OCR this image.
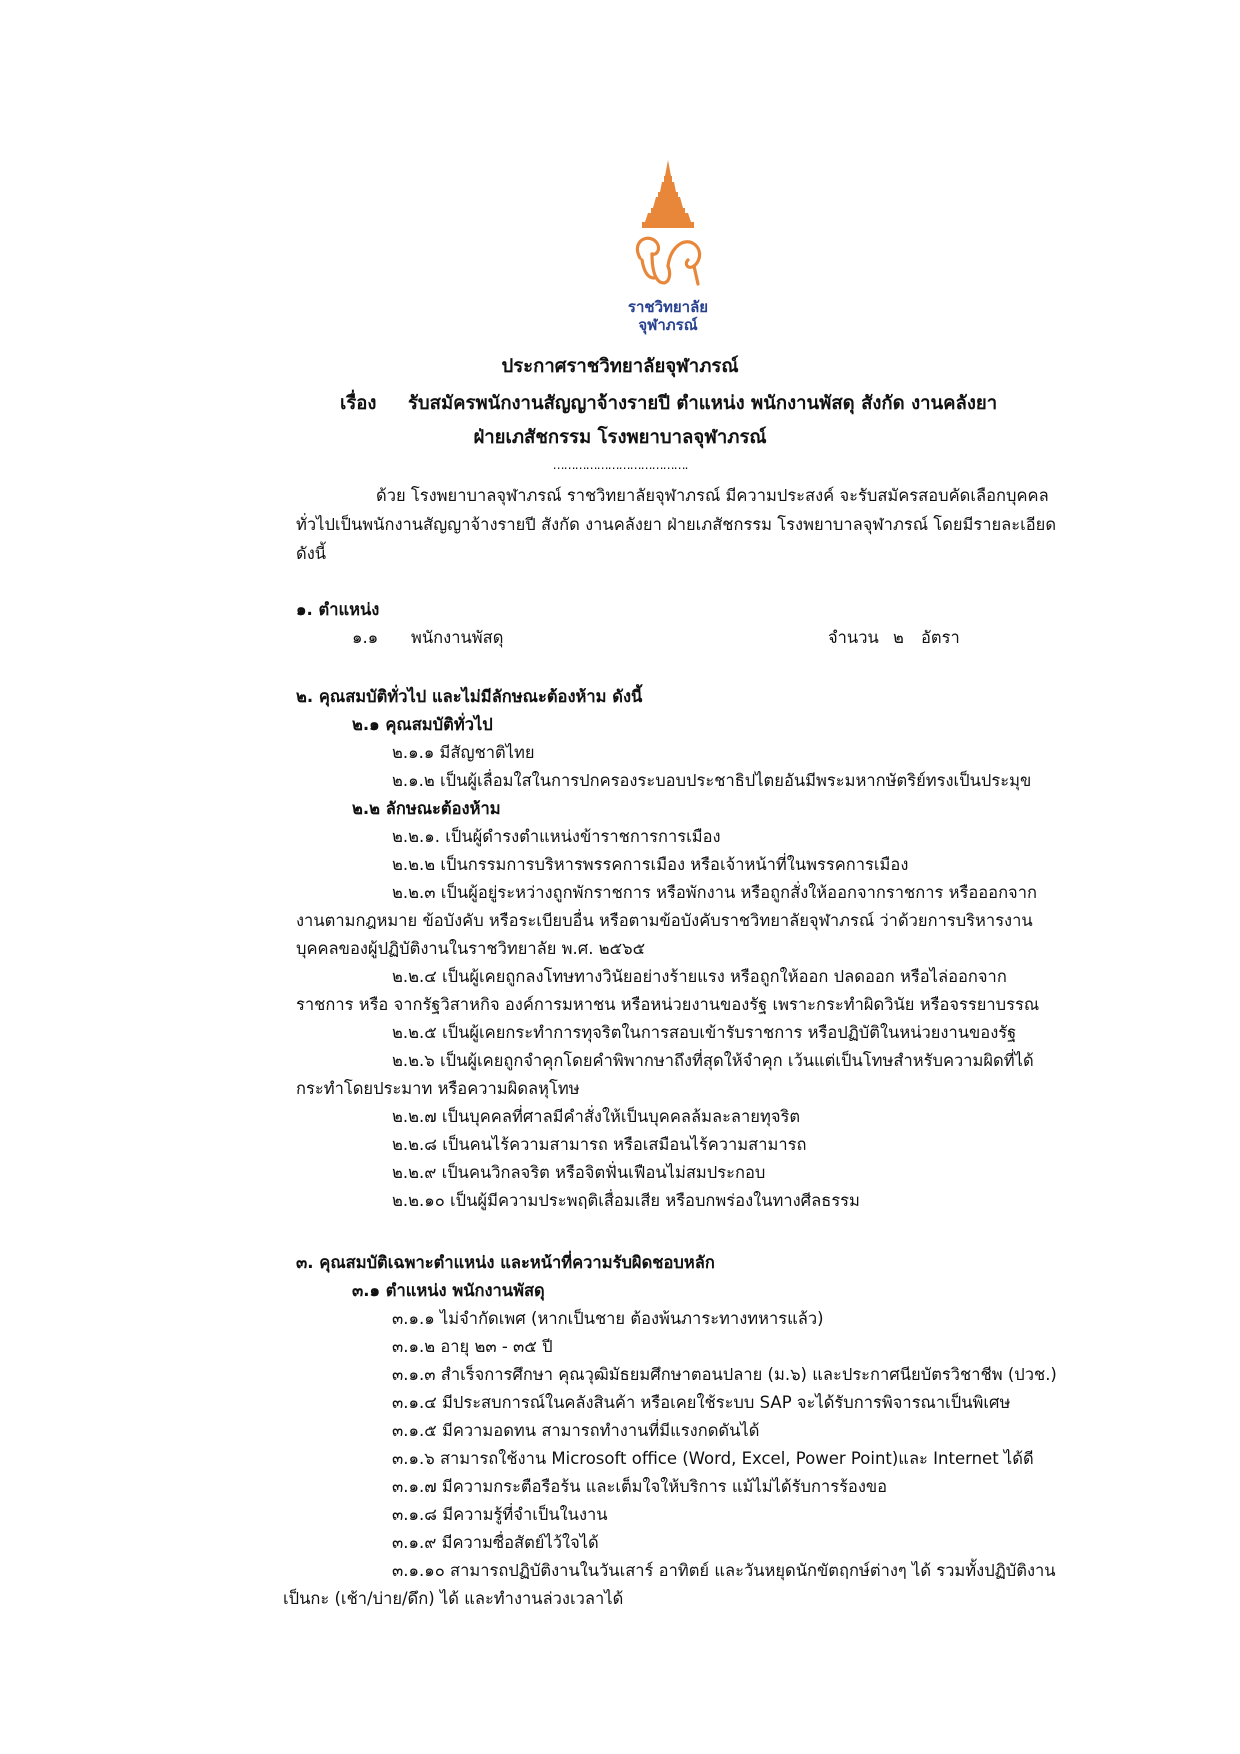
ราชวิทยาลัย
จุฬาภรณ์
ประกาศราชวิทยาลัยจุฬาภรณ์
เรื่อง รับสมัครพนักงานสัญญาจ้างรายปี ตำแหน่ง พนักงานพัสดุ สังกัด งานคลังยา
ฝ่ายเภสัชกรรม โรงพยาบาลจุฬาภรณ์
……………………………….
ด้วย โรงพยาบาลจุฬาภรณ์ ราชวิทยาลัยจุฬาภรณ์ มีความประสงค์ จะรับสมัครสอบคัดเลือกบุคคล
ทั่วไปเป็นพนักงานสัญญาจ้างรายปี สังกัด งานคลังยา ฝ่ายเภสัชกรรม โรงพยาบาลจุฬาภรณ์ โดยมีรายละเอียด
ดังนี้
๑. ตำแหน่ง
๑.๑ พนักงานพัสดุ	จำนวน ๒ อัตรา
๒. คุณสมบัติทั่วไป และไม่มีลักษณะต้องห้าม ดังนี้
๒.๑ คุณสมบัติทั่วไป
๒.๑.๑ มีสัญชาติไทย
๒.๑.๒ เป็นผู้เลื่อมใสในการปกครองระบอบประชาธิปไตยอันมีพระมหากษัตริย์ทรงเป็นประมุข
๒.๒ ลักษณะต้องห้าม
๒.๒.๑. เป็นผู้ดำรงตำแหน่งข้าราชการการเมือง
๒.๒.๒ เป็นกรรมการบริหารพรรคการเมือง หรือเจ้าหน้าที่ในพรรคการเมือง
๒.๒.๓ เป็นผู้อยู่ระหว่างถูกพักราชการ หรือพักงาน หรือถูกสั่งให้ออกจากราชการ หรือออกจาก
งานตามกฎหมาย ข้อบังคับ หรือระเบียบอื่น หรือตามข้อบังคับราชวิทยาลัยจุฬาภรณ์ ว่าด้วยการบริหารงาน
บุคคลของผู้ปฏิบัติงานในราชวิทยาลัย พ.ศ. ๒๕๖๕
๒.๒.๔ เป็นผู้เคยถูกลงโทษทางวินัยอย่างร้ายแรง หรือถูกให้ออก ปลดออก หรือไล่ออกจาก
ราชการ หรือ จากรัฐวิสาหกิจ องค์การมหาชน หรือหน่วยงานของรัฐ เพราะกระทำผิดวินัย หรือจรรยาบรรณ
๒.๒.๕ เป็นผู้เคยกระทำการทุจริตในการสอบเข้ารับราชการ หรือปฏิบัติในหน่วยงานของรัฐ
๒.๒.๖ เป็นผู้เคยถูกจำคุกโดยคำพิพากษาถึงที่สุดให้จำคุก เว้นแต่เป็นโทษสำหรับความผิดที่ได้
กระทำโดยประมาท หรือความผิดลหุโทษ
๒.๒.๗ เป็นบุคคลที่ศาลมีคำสั่งให้เป็นบุคคลล้มละลายทุจริต
๒.๒.๘ เป็นคนไร้ความสามารถ หรือเสมือนไร้ความสามารถ
๒.๒.๙ เป็นคนวิกลจริต หรือจิตฟั่นเฟือนไม่สมประกอบ
๒.๒.๑๐ เป็นผู้มีความประพฤติเสื่อมเสีย หรือบกพร่องในทางศีลธรรม
๓. คุณสมบัติเฉพาะตำแหน่ง และหน้าที่ความรับผิดชอบหลัก
๓.๑ ตำแหน่ง พนักงานพัสดุ
๓.๑.๑ ไม่จำกัดเพศ (หากเป็นชาย ต้องพ้นภาระทางทหารแล้ว)
๓.๑.๒ อายุ ๒๓ - ๓๕ ปี
๓.๑.๓ สำเร็จการศึกษา คุณวุฒิมัธยมศึกษาตอนปลาย (ม.๖) และประกาศนียบัตรวิชาชีพ (ปวช.)
๓.๑.๔ มีประสบการณ์ในคลังสินค้า หรือเคยใช้ระบบ SAP จะได้รับการพิจารณาเป็นพิเศษ
๓.๑.๕ มีความอดทน สามารถทำงานที่มีแรงกดดันได้
๓.๑.๖ สามารถใช้งาน Microsoft office (Word, Excel, Power Point)และ Internet ได้ดี
๓.๑.๗ มีความกระตือรือร้น และเต็มใจให้บริการ แม้ไม่ได้รับการร้องขอ
๓.๑.๘ มีความรู้ที่จำเป็นในงาน
๓.๑.๙ มีความซื่อสัตย์ไว้ใจได้
๓.๑.๑๐ สามารถปฏิบัติงานในวันเสาร์ อาทิตย์ และวันหยุดนักขัตฤกษ์ต่างๆ ได้ รวมทั้งปฏิบัติงาน
เป็นกะ (เช้า/บ่าย/ดึก) ได้ และทำงานล่วงเวลาได้
